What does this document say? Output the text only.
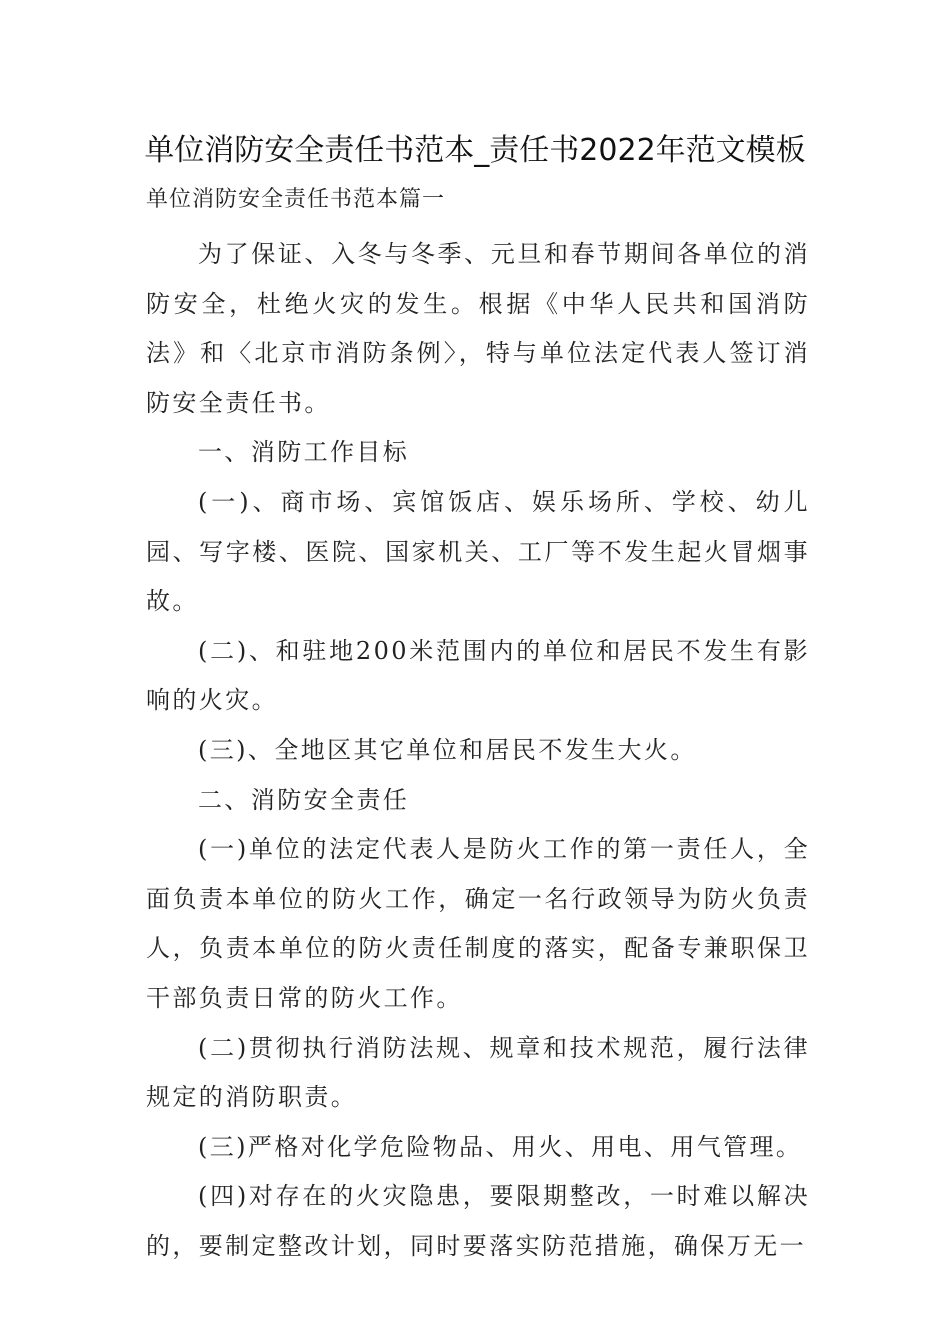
单位消防安全责任书范本_责任书2022年范文模板
单位消防安全责任书范本篇一

为了保证、入冬与冬季、元旦和春节期间各单位的消防安全，杜绝火灾的发生。根据《中华人民共和国消防法》和〈北京市消防条例〉，特与单位法定代表人签订消防安全责任书。

一、消防工作目标

(一)、商市场、宾馆饭店、娱乐场所、学校、幼儿园、写字楼、医院、国家机关、工厂等不发生起火冒烟事故。

(二)、和驻地200米范围内的单位和居民不发生有影响的火灾。

(三)、全地区其它单位和居民不发生大火。

二、消防安全责任

(一)单位的法定代表人是防火工作的第一责任人，全面负责本单位的防火工作，确定一名行政领导为防火负责人，负责本单位的防火责任制度的落实，配备专兼职保卫干部负责日常的防火工作。

(二)贯彻执行消防法规、规章和技术规范，履行法律规定的消防职责。

(三)严格对化学危险物品、用火、用电、用气管理。

(四)对存在的火灾隐患，要限期整改，一时难以解决的，要制定整改计划，同时要落实防范措施，确保万无一
